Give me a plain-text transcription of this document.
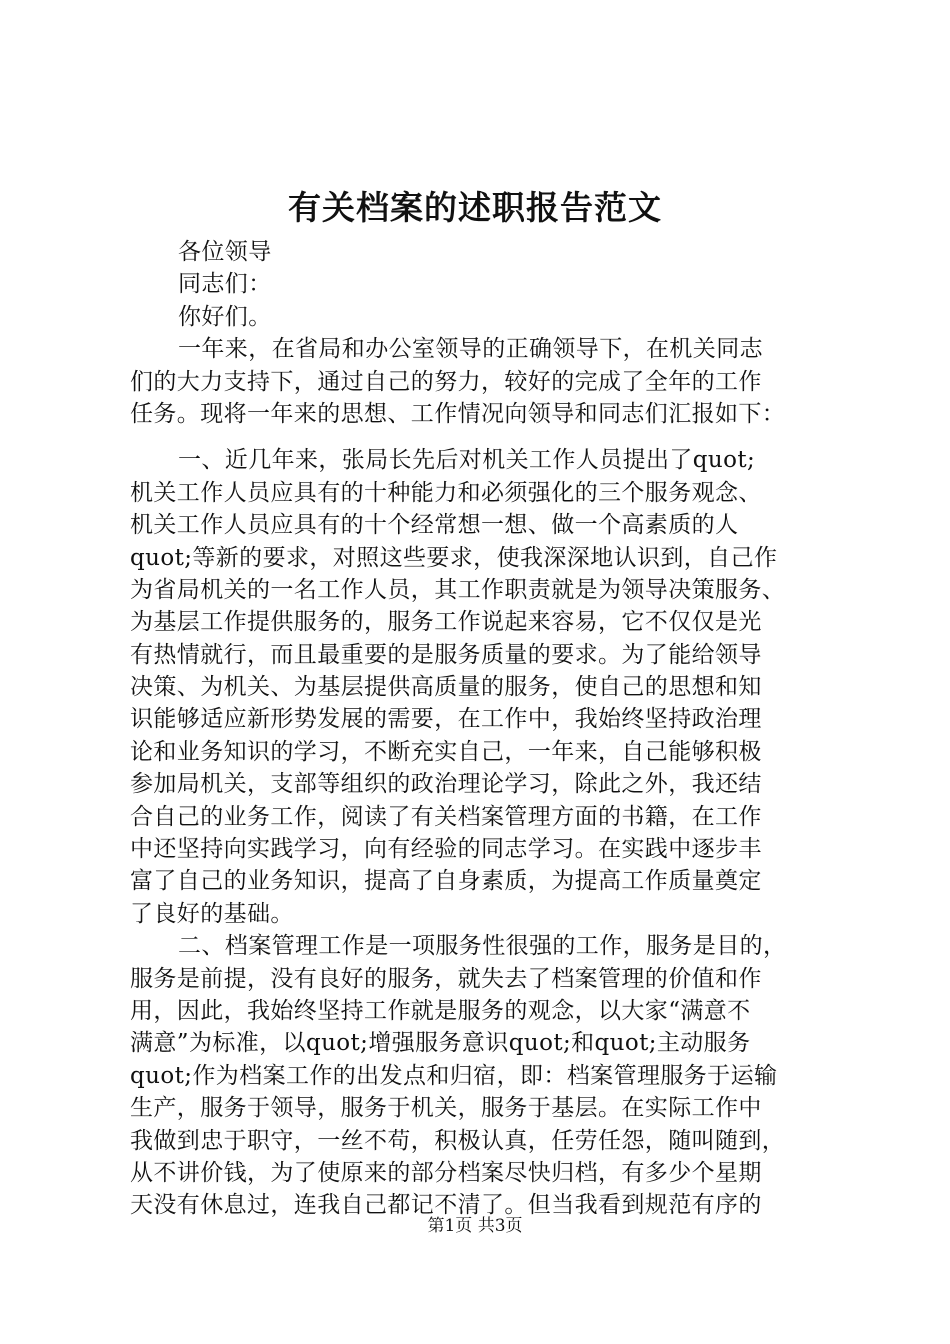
有关档案的述职报告范文
各位领导
同志们：
你好们。
一年来，在省局和办公室领导的正确领导下，在机关同志
们的大力支持下，通过自己的努力，较好的完成了全年的工作
任务。现将一年来的思想、工作情况向领导和同志们汇报如下：
一、近几年来，张局长先后对机关工作人员提出了quot;
机关工作人员应具有的十种能力和必须强化的三个服务观念、
机关工作人员应具有的十个经常想一想、做一个高素质的人
quot;等新的要求，对照这些要求，使我深深地认识到，自己作
为省局机关的一名工作人员，其工作职责就是为领导决策服务、
为基层工作提供服务的，服务工作说起来容易，它不仅仅是光
有热情就行，而且最重要的是服务质量的要求。为了能给领导
决策、为机关、为基层提供高质量的服务，使自己的思想和知
识能够适应新形势发展的需要，在工作中，我始终坚持政治理
论和业务知识的学习，不断充实自己，一年来，自己能够积极
参加局机关，支部等组织的政治理论学习，除此之外，我还结
合自己的业务工作，阅读了有关档案管理方面的书籍，在工作
中还坚持向实践学习，向有经验的同志学习。在实践中逐步丰
富了自己的业务知识，提高了自身素质，为提高工作质量奠定
了良好的基础。
二、档案管理工作是一项服务性很强的工作，服务是目的，
服务是前提，没有良好的服务，就失去了档案管理的价值和作
用，因此，我始终坚持工作就是服务的观念，以大家“满意不
满意”为标准，以quot;增强服务意识quot;和quot;主动服务
quot;作为档案工作的出发点和归宿，即：档案管理服务于运输
生产，服务于领导，服务于机关，服务于基层。在实际工作中
我做到忠于职守，一丝不苟，积极认真，任劳任怨，随叫随到，
从不讲价钱，为了使原来的部分档案尽快归档，有多少个星期
天没有休息过，连我自己都记不清了。但当我看到规范有序的
第1页 共3页
